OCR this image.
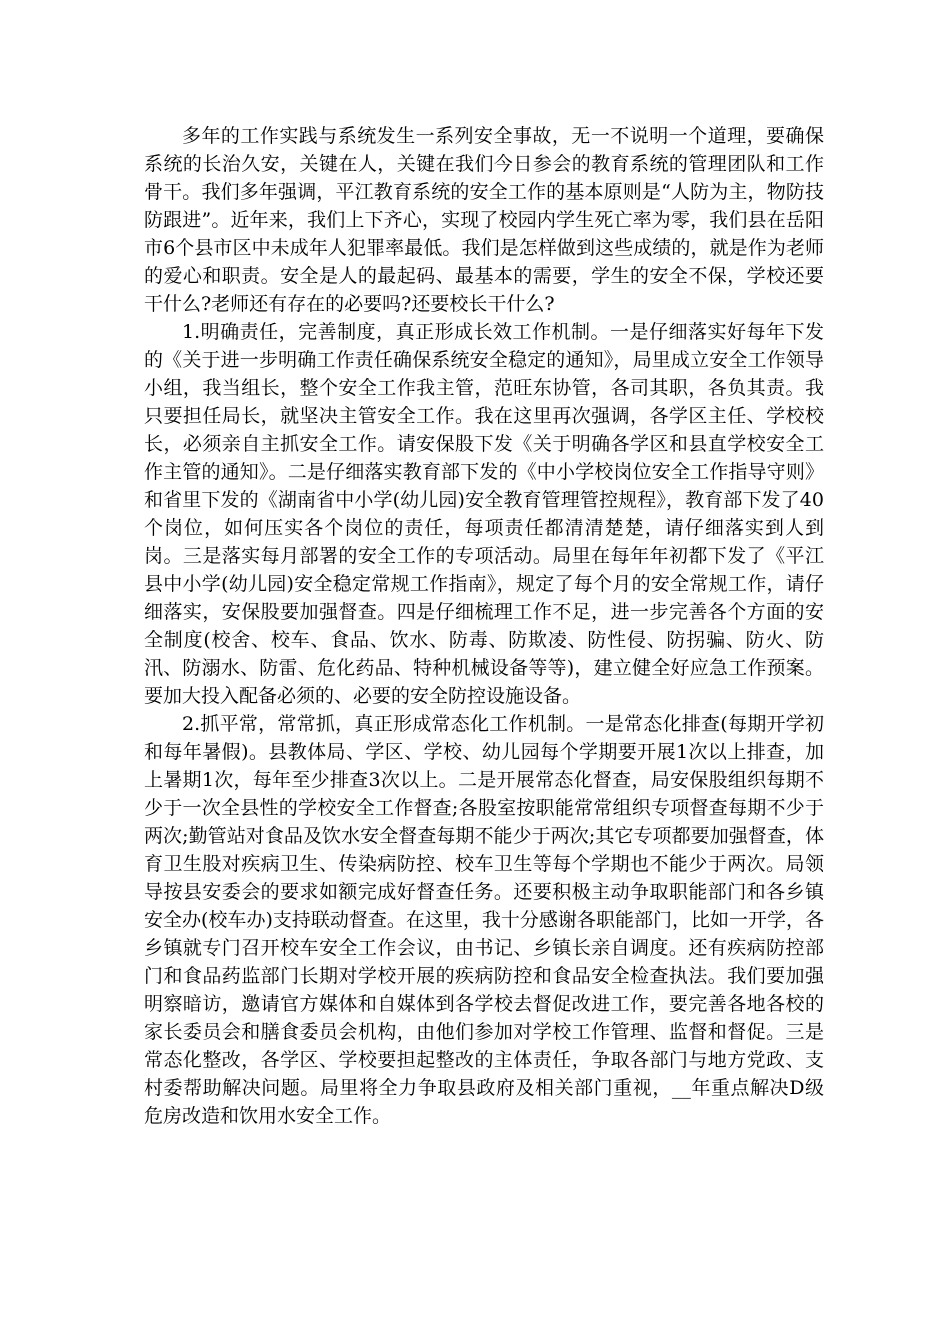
多年的工作实践与系统发生一系列安全事故，无一不说明一个道理，要确保系统的长治久安，关键在人，关键在我们今日参会的教育系统的管理团队和工作骨干。我们多年强调，平江教育系统的安全工作的基本原则是“人防为主，物防技防跟进”。近年来，我们上下齐心，实现了校园内学生死亡率为零，我们县在岳阳市6个县市区中未成年人犯罪率最低。我们是怎样做到这些成绩的，就是作为老师的爱心和职责。安全是人的最起码、最基本的需要，学生的安全不保，学校还要干什么?老师还有存在的必要吗?还要校长干什么?

1.明确责任，完善制度，真正形成长效工作机制。一是仔细落实好每年下发的《关于进一步明确工作责任确保系统安全稳定的通知》，局里成立安全工作领导小组，我当组长，整个安全工作我主管，范旺东协管，各司其职，各负其责。我只要担任局长，就坚决主管安全工作。我在这里再次强调，各学区主任、学校校长，必须亲自主抓安全工作。请安保股下发《关于明确各学区和县直学校安全工作主管的通知》。二是仔细落实教育部下发的《中小学校岗位安全工作指导守则》和省里下发的《湖南省中小学(幼儿园)安全教育管理管控规程》，教育部下发了40个岗位，如何压实各个岗位的责任，每项责任都清清楚楚，请仔细落实到人到岗。三是落实每月部署的安全工作的专项活动。局里在每年年初都下发了《平江县中小学(幼儿园)安全稳定常规工作指南》，规定了每个月的安全常规工作，请仔细落实，安保股要加强督查。四是仔细梳理工作不足，进一步完善各个方面的安全制度(校舍、校车、食品、饮水、防毒、防欺凌、防性侵、防拐骗、防火、防汛、防溺水、防雷、危化药品、特种机械设备等等)，建立健全好应急工作预案。要加大投入配备必须的、必要的安全防控设施设备。

2.抓平常，常常抓，真正形成常态化工作机制。一是常态化排查(每期开学初和每年暑假)。县教体局、学区、学校、幼儿园每个学期要开展1次以上排查，加上暑期1次，每年至少排查3次以上。二是开展常态化督查，局安保股组织每期不少于一次全县性的学校安全工作督查;各股室按职能常常组织专项督查每期不少于两次;勤管站对食品及饮水安全督查每期不能少于两次;其它专项都要加强督查，体育卫生股对疾病卫生、传染病防控、校车卫生等每个学期也不能少于两次。局领导按县安委会的要求如额完成好督查任务。还要积极主动争取职能部门和各乡镇安全办(校车办)支持联动督查。在这里，我十分感谢各职能部门，比如一开学，各乡镇就专门召开校车安全工作会议，由书记、乡镇长亲自调度。还有疾病防控部门和食品药监部门长期对学校开展的疾病防控和食品安全检查执法。我们要加强明察暗访，邀请官方媒体和自媒体到各学校去督促改进工作，要完善各地各校的家长委员会和膳食委员会机构，由他们参加对学校工作管理、监督和督促。三是常态化整改，各学区、学校要担起整改的主体责任，争取各部门与地方党政、支村委帮助解决问题。局里将全力争取县政府及相关部门重视，__年重点解决D级危房改造和饮用水安全工作。
